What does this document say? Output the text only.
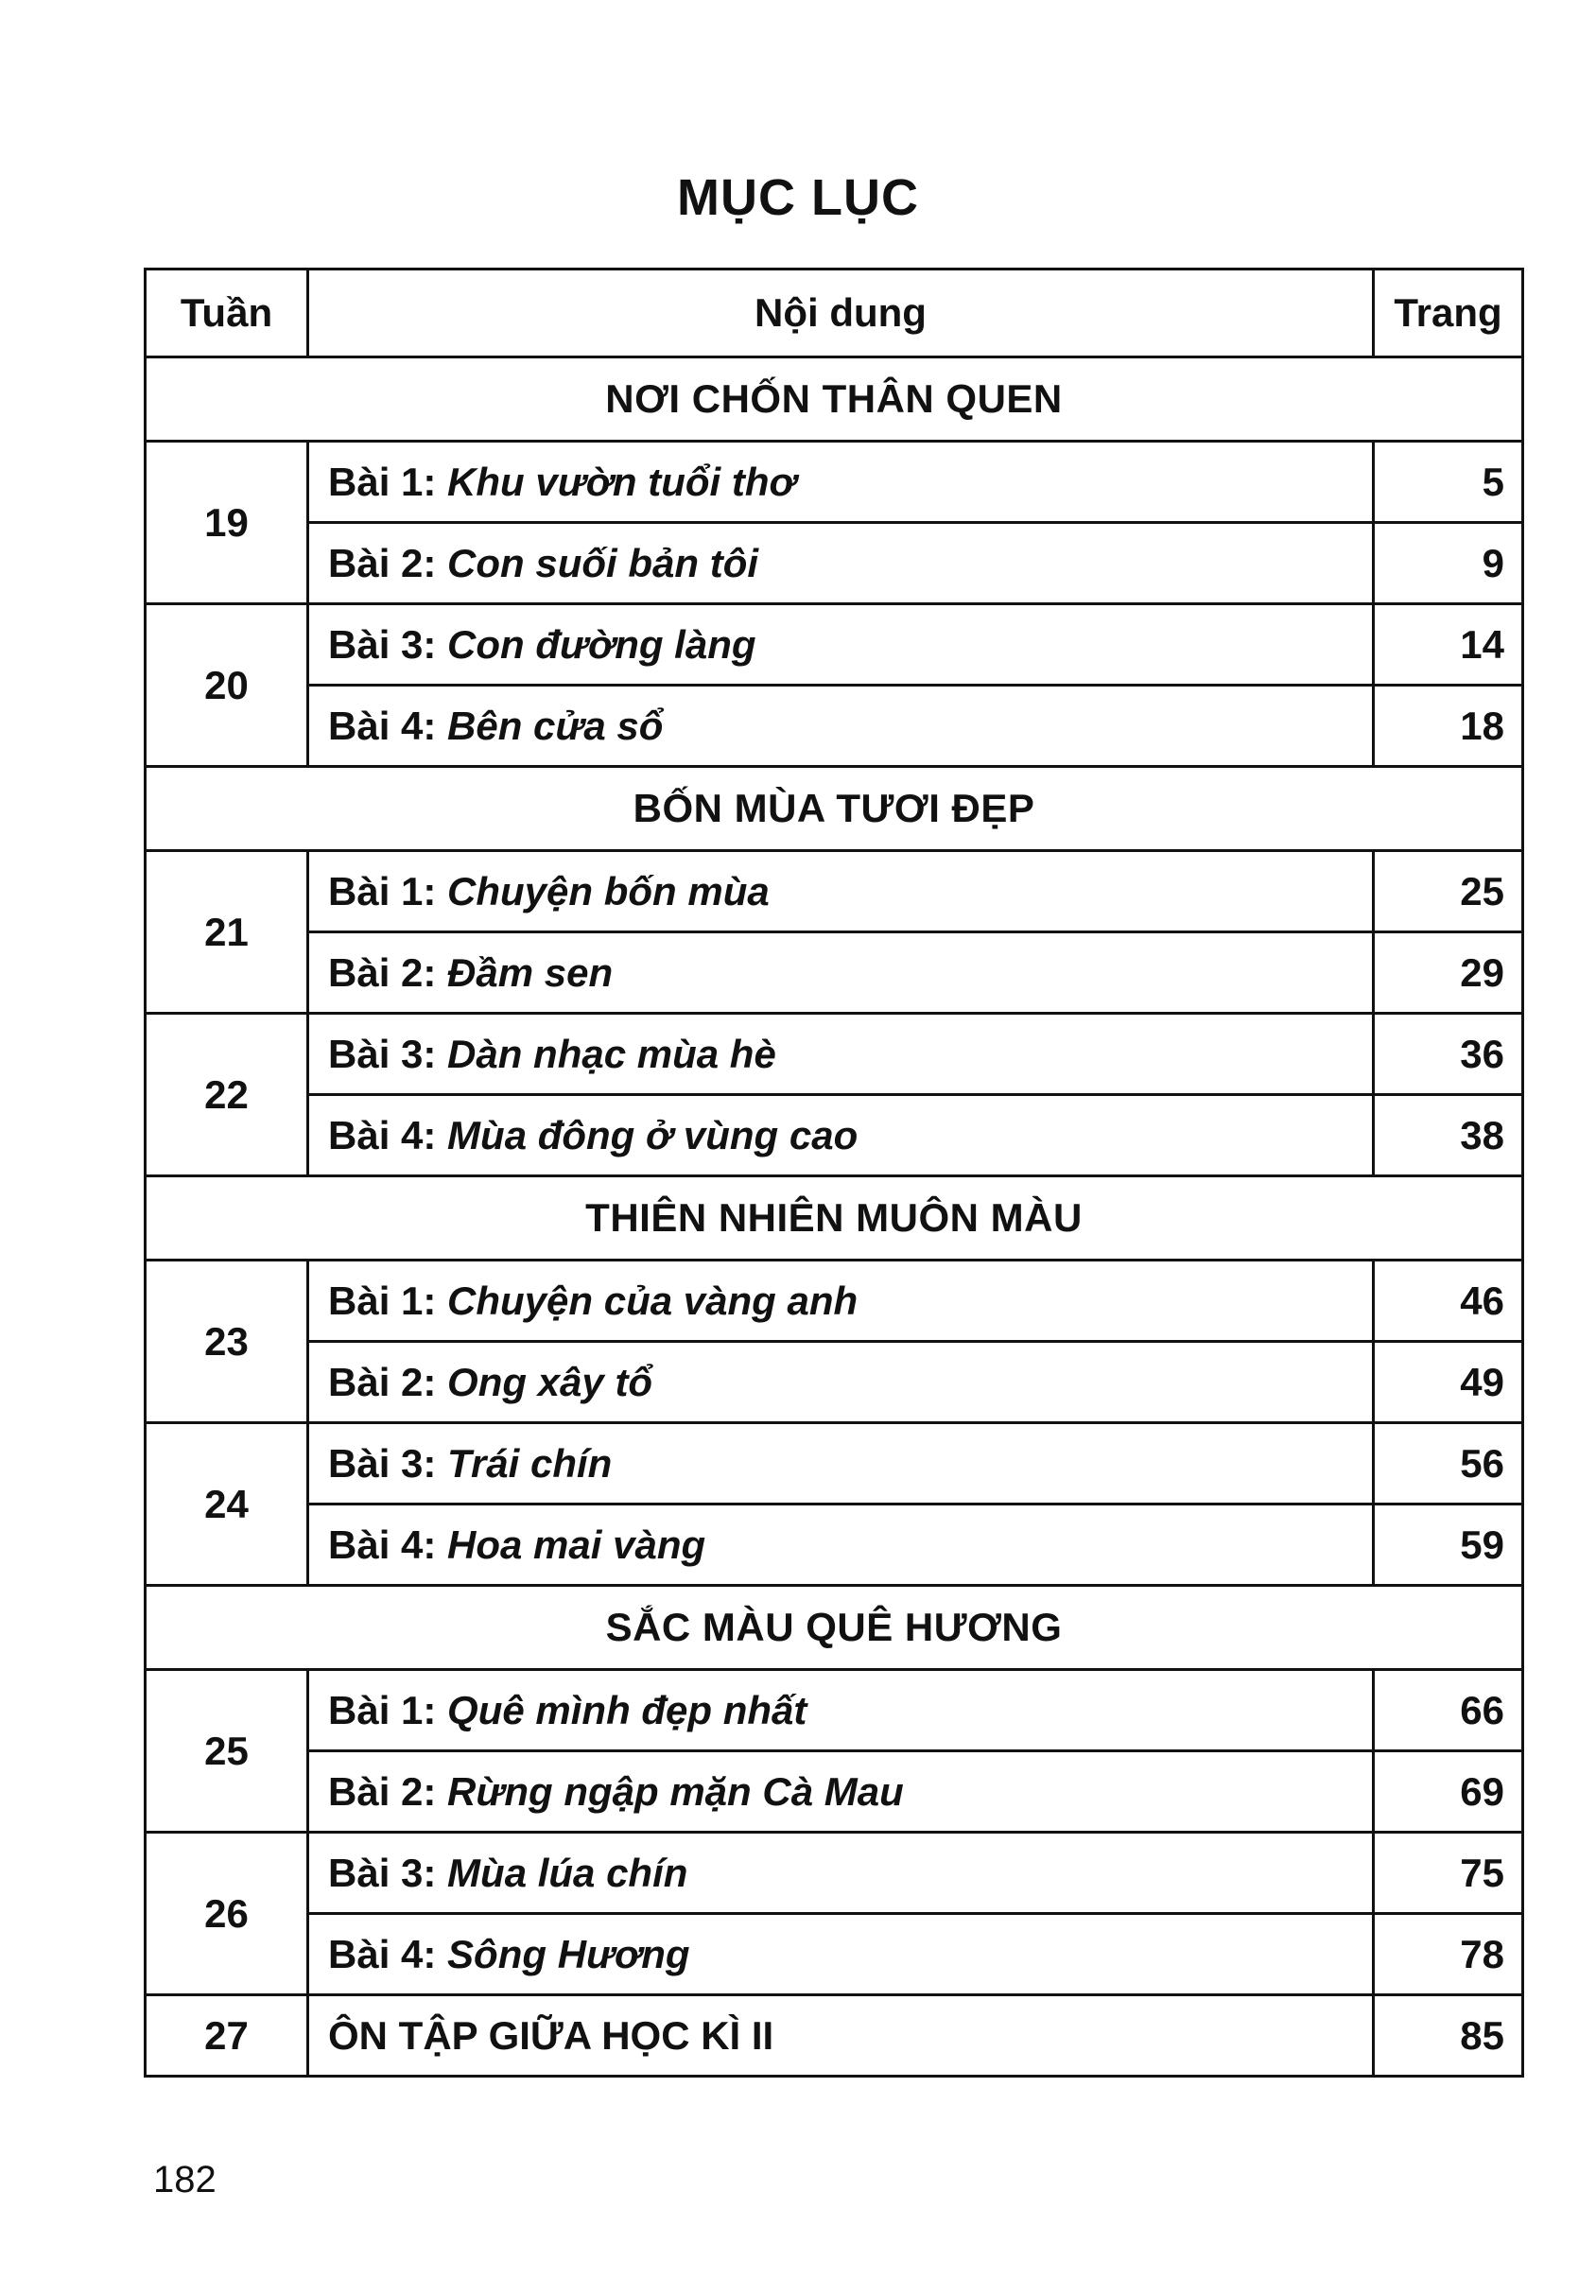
MỤC LỤC
Tuần	Nội dung	Trang
NƠI CHỐN THÂN QUEN		
19	Bài 1: Khu vườn tuổi thơ	5
	Bài 2: Con suối bản tôi	9
20	Bài 3: Con đường làng	14
	Bài 4: Bên cửa sổ	18
BỐN MÙA TƯƠI ĐẸP		
21	Bài 1: Chuyện bốn mùa	25
	Bài 2: Đầm sen	29
22	Bài 3: Dàn nhạc mùa hè	36
	Bài 4: Mùa đông ở vùng cao	38
THIÊN NHIÊN MUÔN MÀU		
23	Bài 1: Chuyện của vàng anh	46
	Bài 2: Ong xây tổ	49
24	Bài 3: Trái chín	56
	Bài 4: Hoa mai vàng	59
SẮC MÀU QUÊ HƯƠNG		
25	Bài 1: Quê mình đẹp nhất	66
	Bài 2: Rừng ngập mặn Cà Mau	69
26	Bài 3: Mùa lúa chín	75
	Bài 4: Sông Hương	78
27	ÔN TẬP GIỮA HỌC KÌ II	85
182
